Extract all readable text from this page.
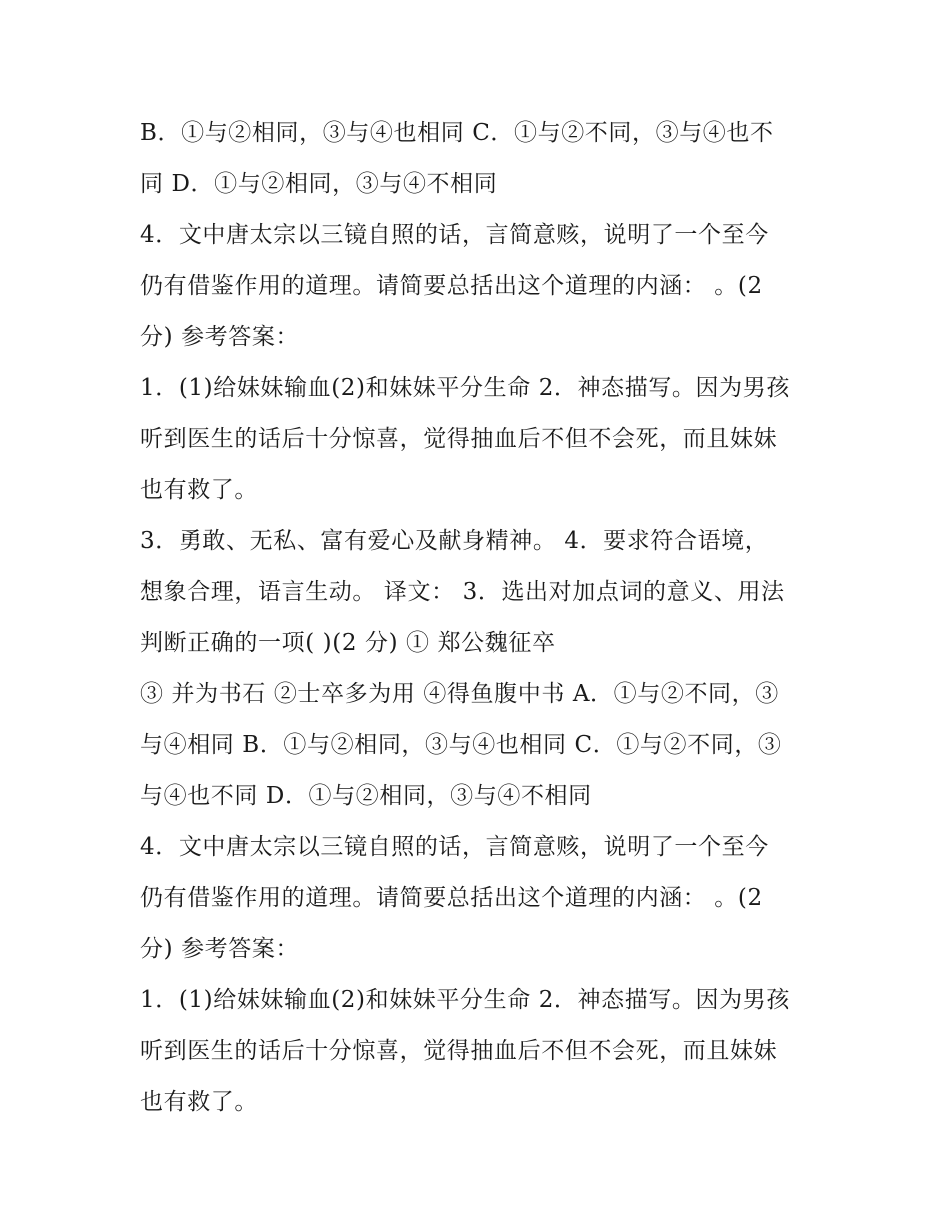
B．①与②相同，③与④也相同 C．①与②不同，③与④也不
同 D．①与②相同，③与④不相同
4．文中唐太宗以三镜自照的话，言简意赅，说明了一个至今
仍有借鉴作用的道理。请简要总括出这个道理的内涵： 。(2
分) 参考答案：
1．(1)给妹妹输血(2)和妹妹平分生命 2．神态描写。因为男孩
听到医生的话后十分惊喜，觉得抽血后不但不会死，而且妹妹
也有救了。
3．勇敢、无私、富有爱心及献身精神。 4．要求符合语境，
想象合理，语言生动。 译文： 3．选出对加点词的意义、用法
判断正确的一项( )(2 分) ① 郑公魏征卒
③ 并为书石 ②士卒多为用 ④得鱼腹中书 A．①与②不同，③
与④相同 B．①与②相同，③与④也相同 C．①与②不同，③
与④也不同 D．①与②相同，③与④不相同
4．文中唐太宗以三镜自照的话，言简意赅，说明了一个至今
仍有借鉴作用的道理。请简要总括出这个道理的内涵： 。(2
分) 参考答案：
1．(1)给妹妹输血(2)和妹妹平分生命 2．神态描写。因为男孩
听到医生的话后十分惊喜，觉得抽血后不但不会死，而且妹妹
也有救了。
